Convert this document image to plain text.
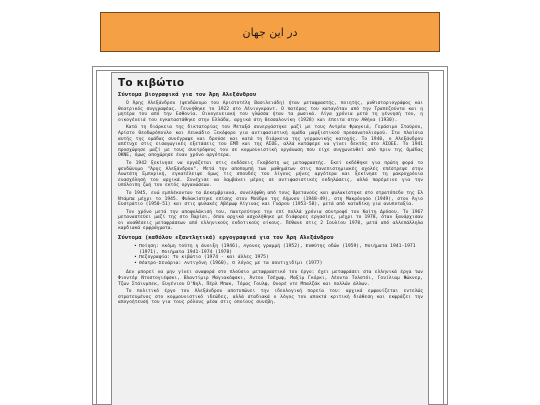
در این جهان
Το κιβώτιο
Σύντομα βιογραφικά για τον Άρη Αλεξάνδρου

Ο Άρης Αλεξάνδρου (ψευδώνυμο του Αριστοτέλη Βασιλειάδη) ήταν μεταφραστής, ποιητής, μυθιστοριογράφος και θεατρικός συγγραφέας. Γεννήθηκε το 1922 στο Λένινγκραντ. Ο πατέρας του καταγόταν από την Τραπεζούντα και η μητέρα του από την Εσθονία. Οικογενειακή του γλώσσα ήταν τα ρωσικά. Λίγα χρόνια μετά τη γέννησή του, η οικογένειά του εγκαταστάθηκε στην Ελλάδα, αρχικά στη Θεσσαλονίκη (1928) και έπειτα στην Αθήνα (1930).

Κατά τη διάρκεια της δικτατορίας του Μεταξά συνεργάστηκε μαζί με τους Αντρέα Φραγκιά, Γεράσιμο Σταύρου, Αρίστο Θεοδωρόπουλο και Λευκάδιο Ξεκόφορο για αντιφασιστική ομάδα μαρξιστικού προσανατολισμού. Στα πλαίσια αυτής της ομάδας συνέγραψε και δρούσε και κατά τη διάρκεια της γερμανικής κατοχής. Το 1940, ο Αλεξάνδρου απέτυχε στις εισαγωγικές εξετάσεις του ΕΜΠ και της ΑΣΟΕ, αλλά κατάφερε να γίνει δεκτός στο ΑΣΟΕΕ. Το 1941 προσχώρησε μαζί με τους συντρόφους του σε κομμουνιστική οργάνωση που είχε συγχωνευθεί από πριν της Ομάδας ΟΚΝΕ, όμως αποχώρησε έναν χρόνο αργότερα.

Το 1942 ξεκίνησε να εργάζεται στις εκδόσεις Γκοβόστη ως μεταφραστής. Εκεί εκδόθηκε για πρώτη φορά το ψευδώνυμο "Άρης Αλεξάνδρου". Μετά την αποπομπή των μαθημάτων στις πανεπιστημιακές σχολές επέστρεψε στην Ανωτάτη Εμπορική, εγκατέλειψε όμως τις σπουδές του λίγους μήνες αργότερα και ξεκίνησε τη μακροχρόνια ενασχόλησή του αρχικά. Συνέχισε να λαμβάνει μέρος σε αντιφασιστικές εκδηλώσεις, αλλά παρέμεινε για την υπόλοιπη ζωή του εκτός οργανώσεων.

Το 1945, ενώ εμπλέκονταν τα Δεκεμβριανά, συνελήφθη από τους Βρετανούς και φυλακίστηκε στο στρατόπεδο της Ελ Ντάμπα μέχρι το 1945. Φυλακίστηκε επίσης στον Μούδρο της Λήμνου (1948-49), στη Μακρόνησο (1949), στον Άγιο Ευστράτιο (1950-51) και στις φυλακές Αβέρωφ Αίγινας και Γυάρου (1953-58), μετά από καταδίκη για ανυποταξία.

Τον χρόνο μετά την αποφυλάκισή του, παντρεύτηκε την επί πολλά χρόνια σύντροφό του Καίτη Δρόσου. Το 1967 μεταναστεύει μαζί της στο Παρίσι, όπου αρχικά ασχολήθηκε με διάφορες εργασίες, μέχρι το 1978, όταν ξανάρχισαν οι αναθέσεις μεταφράσεων από ελληνικούς εκδοτικούς οίκους. Πέθανε στις 2 Ιουλίου 1978, μετά από αλλεπάλληλα καρδιακά εμφράγματα.

Σύντομα (καθόλου εξαντλητικά) εργογραφικά για τον Άρη Αλεξάνδρου
• Ποίηση: Ακόμη τούτη η άνοιξη (1946), Αγονος γραμμή (1952), Ευθύτης οδών (1959), Ποιήματα 1941-1971 (1971), Ποιήματα 1941-1974 (1978)
• Πεζογραφία: Το κιβώτιο (1974 - και άλλες 1975)
• Θέατρο-Σενάρια: Αντιγόνη (1960), Ο λόγος με τα σουτιχιδίμι (1977)

Δεν μπορεί να μην γίνει αναφορά στο πλούσιο μεταφραστικό του έργο: έχει μεταφράσει στα ελληνικά έργα των Φιοντόρ Ντοστογιέφσκι, Βλαντίμιρ Μαγιακόφσκι, Άντον Τσέχωφ, Μαξίμ Γκόρκι, Λέοντα Τολστόι, Γουίλιαμ Φώκνερ, Τζων Στάινμπεκ, Ευγένιου Ο'Νηλ, Πέρλ Μπακ, Τόμας Γουλφ, Ονορέ ντε Μπαλζάκ και πολλών άλλων.

Το πολιτικό έργο του Αλεξάνδρου αποτυπώνει την ιδεολογική πορεία του: αρχικά εμφανίζεται εντελώς στρατευμένος στο κομμουνιστικό ιδεώδες, αλλά σταδιακά ο λόγος του αποκτά κριτική διάθεση και εκφράζει την απογοήτευσή του για τους ρόλους μέσα στις οποίους συνέβη.
